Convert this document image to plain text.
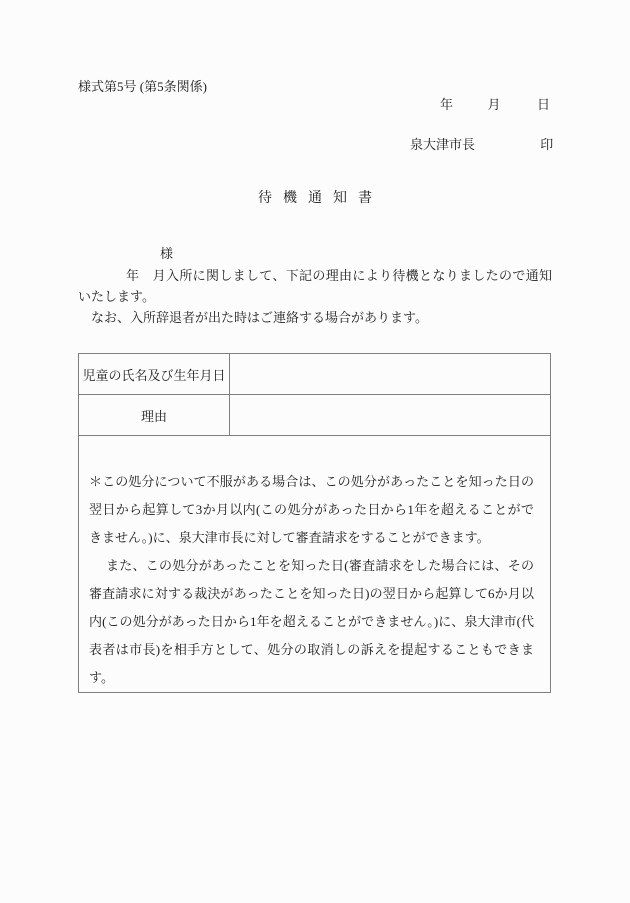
様式第5号 (第5条関係)
年	月	日
泉大津市長	印
待機通知書
様
年　月入所に関しまして、下記の理由により待機となりましたので通知いたします。
なお、入所辞退者が出た時はご連絡する場合があります。
児童の氏名及び生年月日	
理由	

＊この処分について不服がある場合は、この処分があったことを知った日の翌日から起算して3か月以内(この処分があった日から1年を超えることができません。)に、泉大津市長に対して審査請求をすることができます。

また、この処分があったことを知った日(審査請求をした場合には、その審査請求に対する裁決があったことを知った日)の翌日から起算して6か月以内(この処分があった日から1年を超えることができません。)に、泉大津市(代表者は市長)を相手方として、処分の取消しの訴えを提起することもできます。	
